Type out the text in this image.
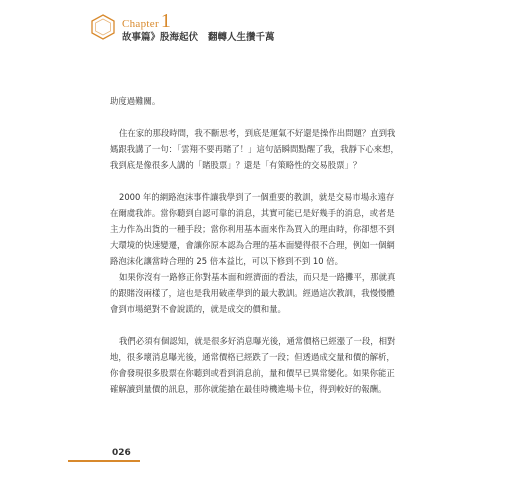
Chapter 1
故事篇》股海起伏 翻轉人生攢千萬
助度過難關。
住在家的那段時間，我不斷思考，到底是運氣不好還是操作出問題？直到我
媽跟我講了一句：「雲翔不要再賭了！」這句話瞬間點醒了我，我靜下心來想，
我到底是像很多人講的「賭股票」？還是「有策略性的交易股票」？
2000 年的網路泡沫事件讓我學到了一個重要的教訓，就是交易市場永遠存
在爾虞我詐。當你聽到自認可靠的消息，其實可能已是好幾手的消息，或者是
主力作為出貨的一種手段；當你利用基本面來作為買入的理由時，你卻想不到
大環境的快速變遷，會讓你原本認為合理的基本面變得很不合理，例如一個網
路泡沫化讓當時合理的 25 倍本益比，可以下修到不到 10 倍。
如果你沒有一路修正你對基本面和經濟面的看法，而只是一路攤平，那就真
的跟賭沒兩樣了，這也是我用破產學到的最大教訓。經過這次教訓，我慢慢體
會到市場絕對不會說謊的，就是成交的價和量。
我們必須有個認知，就是很多好消息曝光後，通常價格已經漲了一段，相對
地，很多壞消息曝光後，通常價格已經跌了一段；但透過成交量和價的解析，
你會發現很多股票在你聽到或看到消息前，量和價早已異常變化。如果你能正
確解讀到量價的訊息，那你就能搶在最佳時機進場卡位，得到較好的報酬。
026
